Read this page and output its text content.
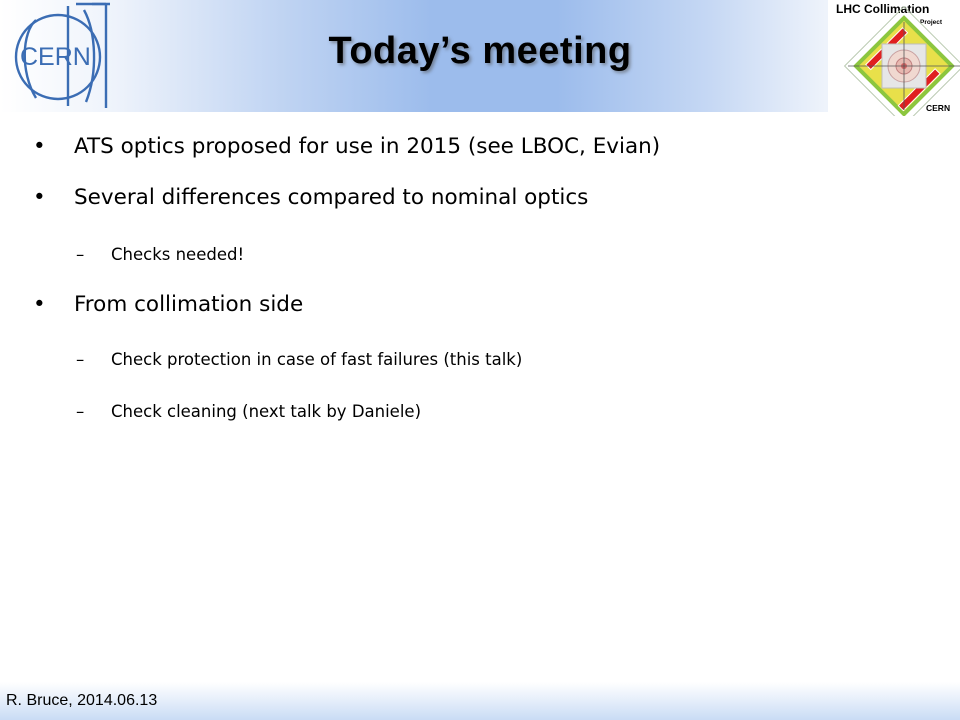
CERN	Today’s meeting
LHC Collimation
Project
CERN
• ATS optics proposed for use in 2015 (see LBOC, Evian)
• Several differences compared to nominal optics
– Checks needed!
• From collimation side
– Check protection in case of fast failures (this talk)
– Check cleaning (next talk by Daniele)
R. Bruce, 2014.06.13
